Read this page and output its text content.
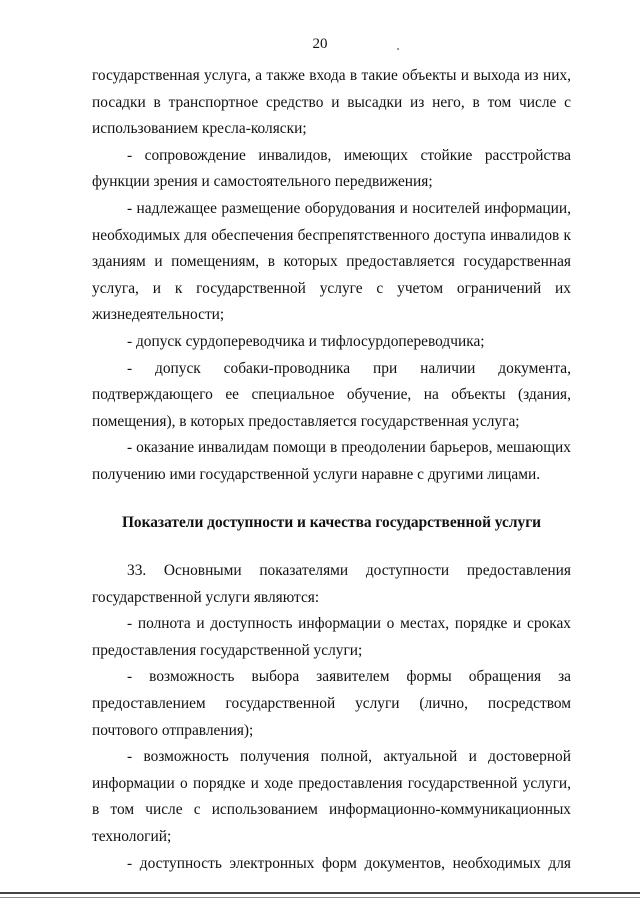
20

государственная услуга, а также входа в такие объекты и выхода из них, посадки в транспортное средство и высадки из него, в том числе с использованием кресла-коляски;

- сопровождение инвалидов, имеющих стойкие расстройства функции зрения и самостоятельного передвижения;

- надлежащее размещение оборудования и носителей информации, необходимых для обеспечения беспрепятственного доступа инвалидов к зданиям и помещениям, в которых предоставляется государственная услуга, и к государственной услуге с учетом ограничений их жизнедеятельности;

- допуск сурдопереводчика и тифлосурдопереводчика;

- допуск собаки-проводника при наличии документа, подтверждающего ее специальное обучение, на объекты (здания, помещения), в которых предоставляется государственная услуга;

- оказание инвалидам помощи в преодолении барьеров, мешающих получению ими государственной услуги наравне с другими лицами.

Показатели доступности и качества государственной услуги

33. Основными показателями доступности предоставления государственной услуги являются:

- полнота и доступность информации о местах, порядке и сроках предоставления государственной услуги;

- возможность выбора заявителем формы обращения за предоставлением государственной услуги (лично, посредством почтового отправления);

- возможность получения полной, актуальной и достоверной информации о порядке и ходе предоставления государственной услуги, в том числе с использованием информационно-коммуникационных технологий;

- доступность электронных форм документов, необходимых для
